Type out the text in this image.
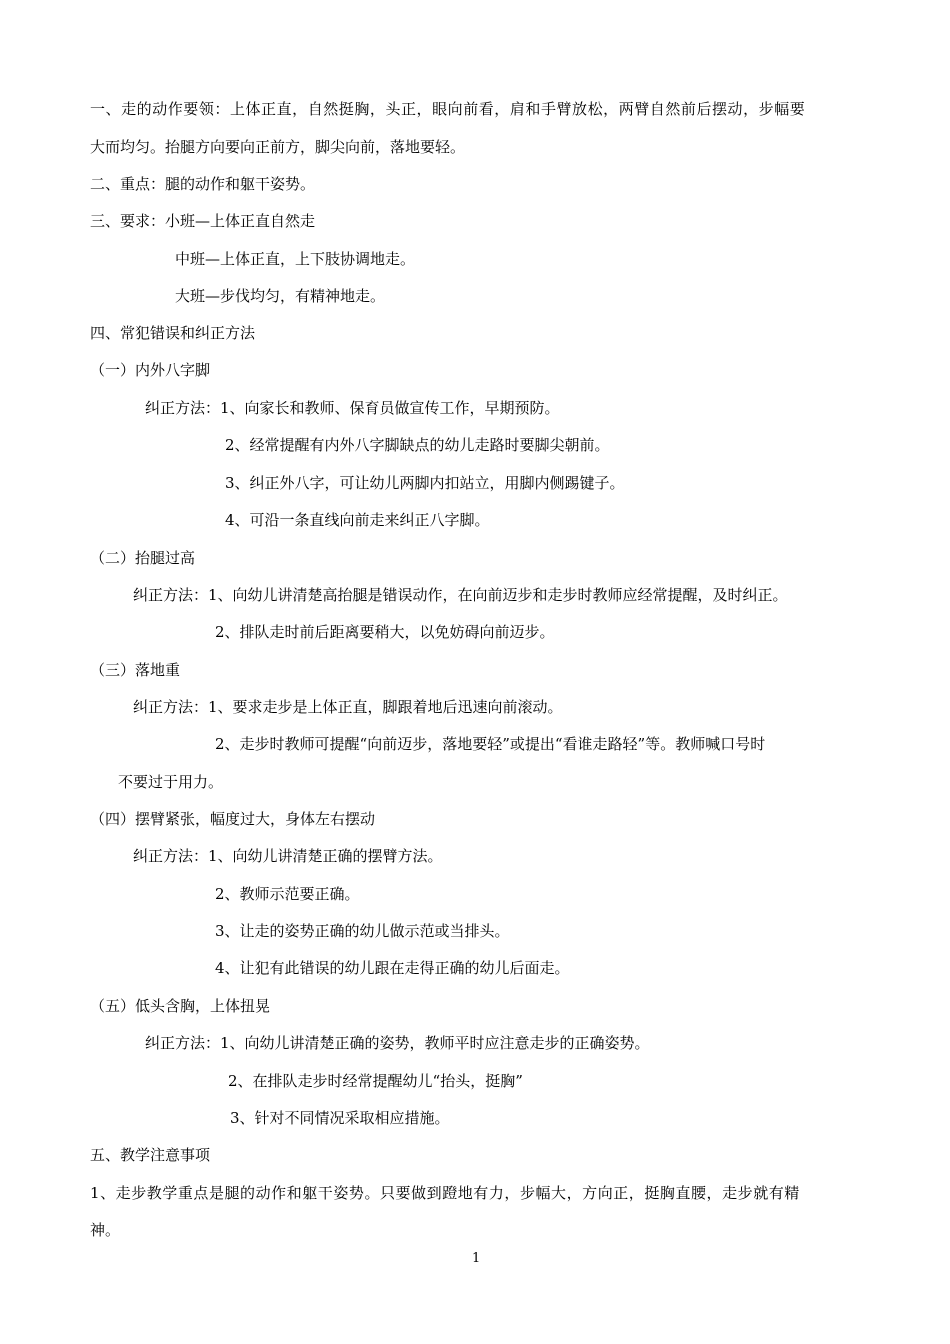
一、走的动作要领：上体正直，自然挺胸，头正，眼向前看，肩和手臂放松，两臂自然前后摆动，步幅要
大而均匀。抬腿方向要向正前方，脚尖向前，落地要轻。
二、重点：腿的动作和躯干姿势。
三、要求：小班—上体正直自然走
中班—上体正直，上下肢协调地走。
大班—步伐均匀，有精神地走。
四、常犯错误和纠正方法
（一）内外八字脚
纠正方法：1、向家长和教师、保育员做宣传工作，早期预防。
2、经常提醒有内外八字脚缺点的幼儿走路时要脚尖朝前。
3、纠正外八字，可让幼儿两脚内扣站立，用脚内侧踢键子。
4、可沿一条直线向前走来纠正八字脚。
（二）抬腿过高
纠正方法：1、向幼儿讲清楚高抬腿是错误动作，在向前迈步和走步时教师应经常提醒，及时纠正。
2、排队走时前后距离要稍大，以免妨碍向前迈步。
（三）落地重
纠正方法：1、要求走步是上体正直，脚跟着地后迅速向前滚动。
2、走步时教师可提醒“向前迈步，落地要轻”或提出“看谁走路轻”等。教师喊口号时
不要过于用力。
（四）摆臂紧张，幅度过大，身体左右摆动
纠正方法：1、向幼儿讲清楚正确的摆臂方法。
2、教师示范要正确。
3、让走的姿势正确的幼儿做示范或当排头。
4、让犯有此错误的幼儿跟在走得正确的幼儿后面走。
（五）低头含胸，上体扭晃
纠正方法：1、向幼儿讲清楚正确的姿势，教师平时应注意走步的正确姿势。
2、在排队走步时经常提醒幼儿“抬头，挺胸”
3、针对不同情况采取相应措施。
五、教学注意事项
1、走步教学重点是腿的动作和躯干姿势。只要做到蹬地有力，步幅大，方向正，挺胸直腰，走步就有精
神。
1
